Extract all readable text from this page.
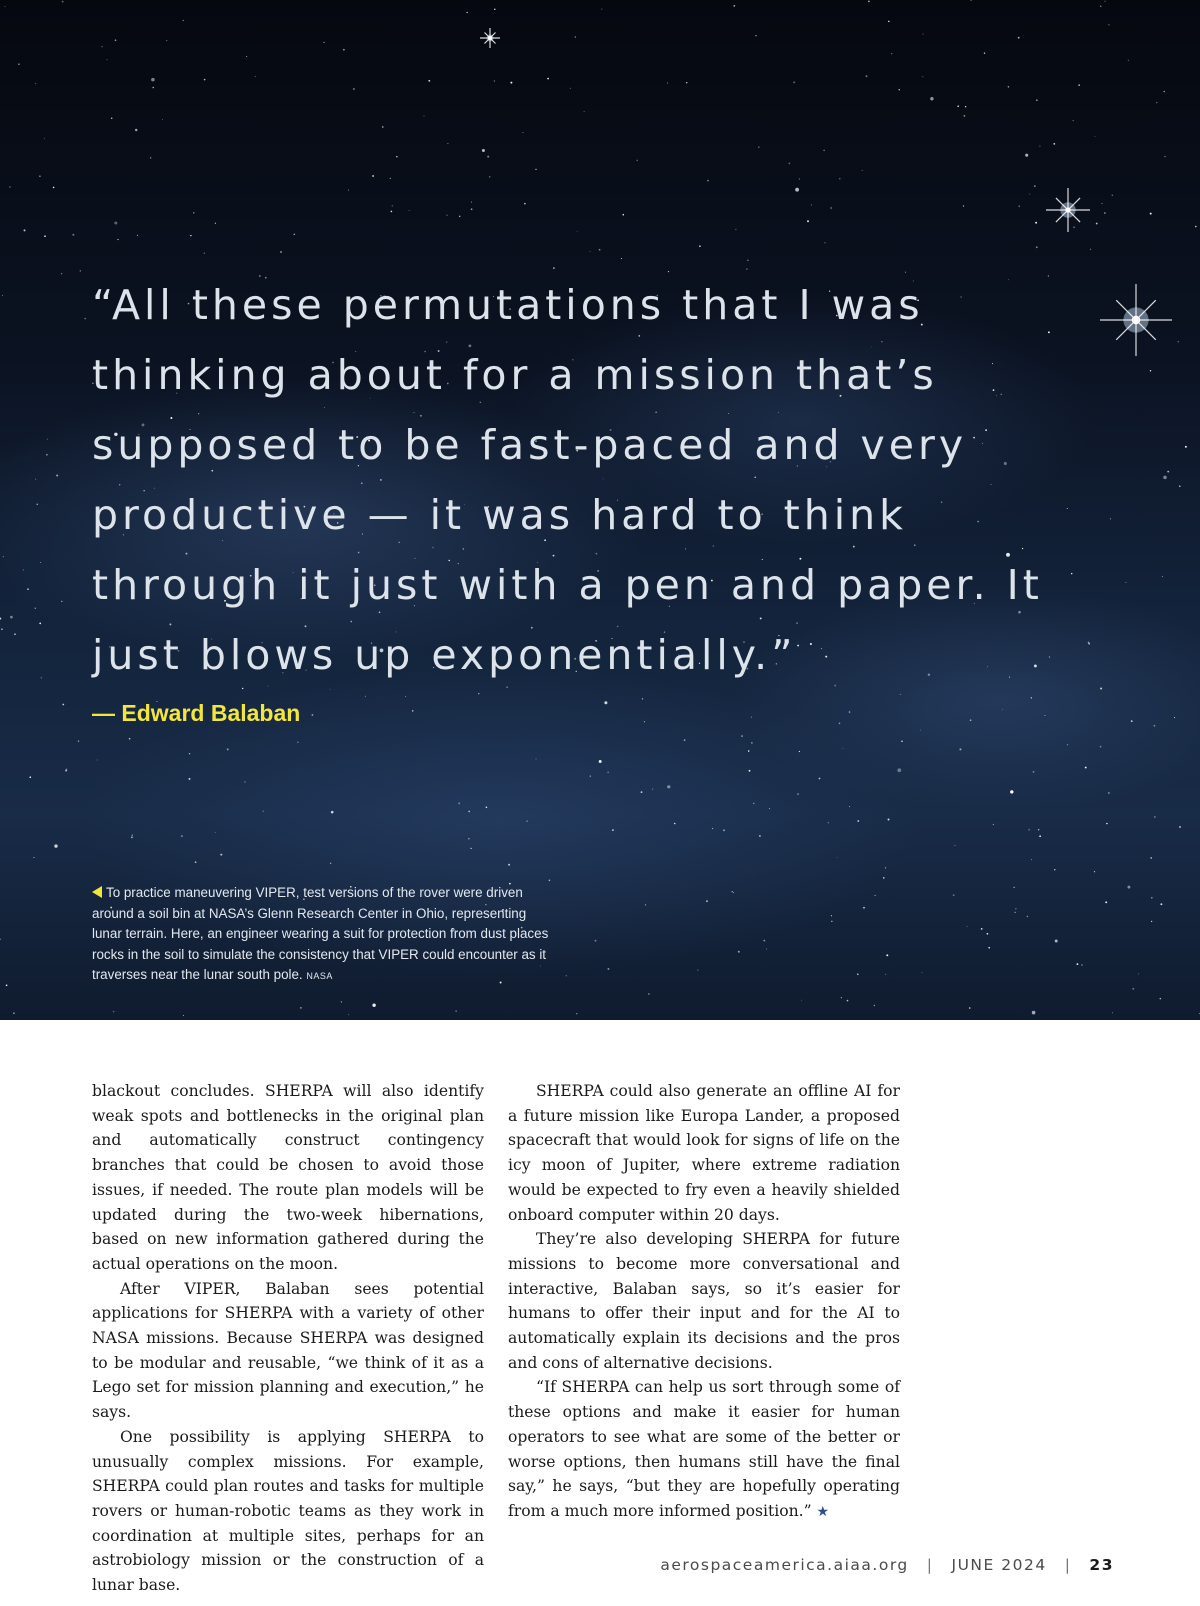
“All these permutations that I was thinking about for a mission that’s supposed to be fast-paced and very productive — it was hard to think through it just with a pen and paper. It just blows up exponentially.”

— Edward Balaban

To practice maneuvering VIPER, test versions of the rover were driven around a soil bin at NASA’s Glenn Research Center in Ohio, representing lunar terrain. Here, an engineer wearing a suit for protection from dust places rocks in the soil to simulate the consistency that VIPER could encounter as it traverses near the lunar south pole. NASA

blackout concludes. SHERPA will also identify weak spots and bottlenecks in the original plan and automatically construct contingency branches that could be chosen to avoid those issues, if needed. The route plan models will be updated during the two-week hibernations, based on new information gathered during the actual operations on the moon.

After VIPER, Balaban sees potential applications for SHERPA with a variety of other NASA missions. Because SHERPA was designed to be modular and reusable, “we think of it as a Lego set for mission planning and execution,” he says.

One possibility is applying SHERPA to unusually complex missions. For example, SHERPA could plan routes and tasks for multiple rovers or human-robotic teams as they work in coordination at multiple sites, perhaps for an astrobiology mission or the construction of a lunar base.

SHERPA could also generate an offline AI for a future mission like Europa Lander, a proposed spacecraft that would look for signs of life on the icy moon of Jupiter, where extreme radiation would be expected to fry even a heavily shielded onboard computer within 20 days.

They’re also developing SHERPA for future missions to become more conversational and interactive, Balaban says, so it’s easier for humans to offer their input and for the AI to automatically explain its decisions and the pros and cons of alternative decisions.

“If SHERPA can help us sort through some of these options and make it easier for human operators to see what are some of the better or worse options, then humans still have the final say,” he says, “but they are hopefully operating from a much more informed position.” ★

aerospaceamerica.aiaa.org | JUNE 2024 | 23
